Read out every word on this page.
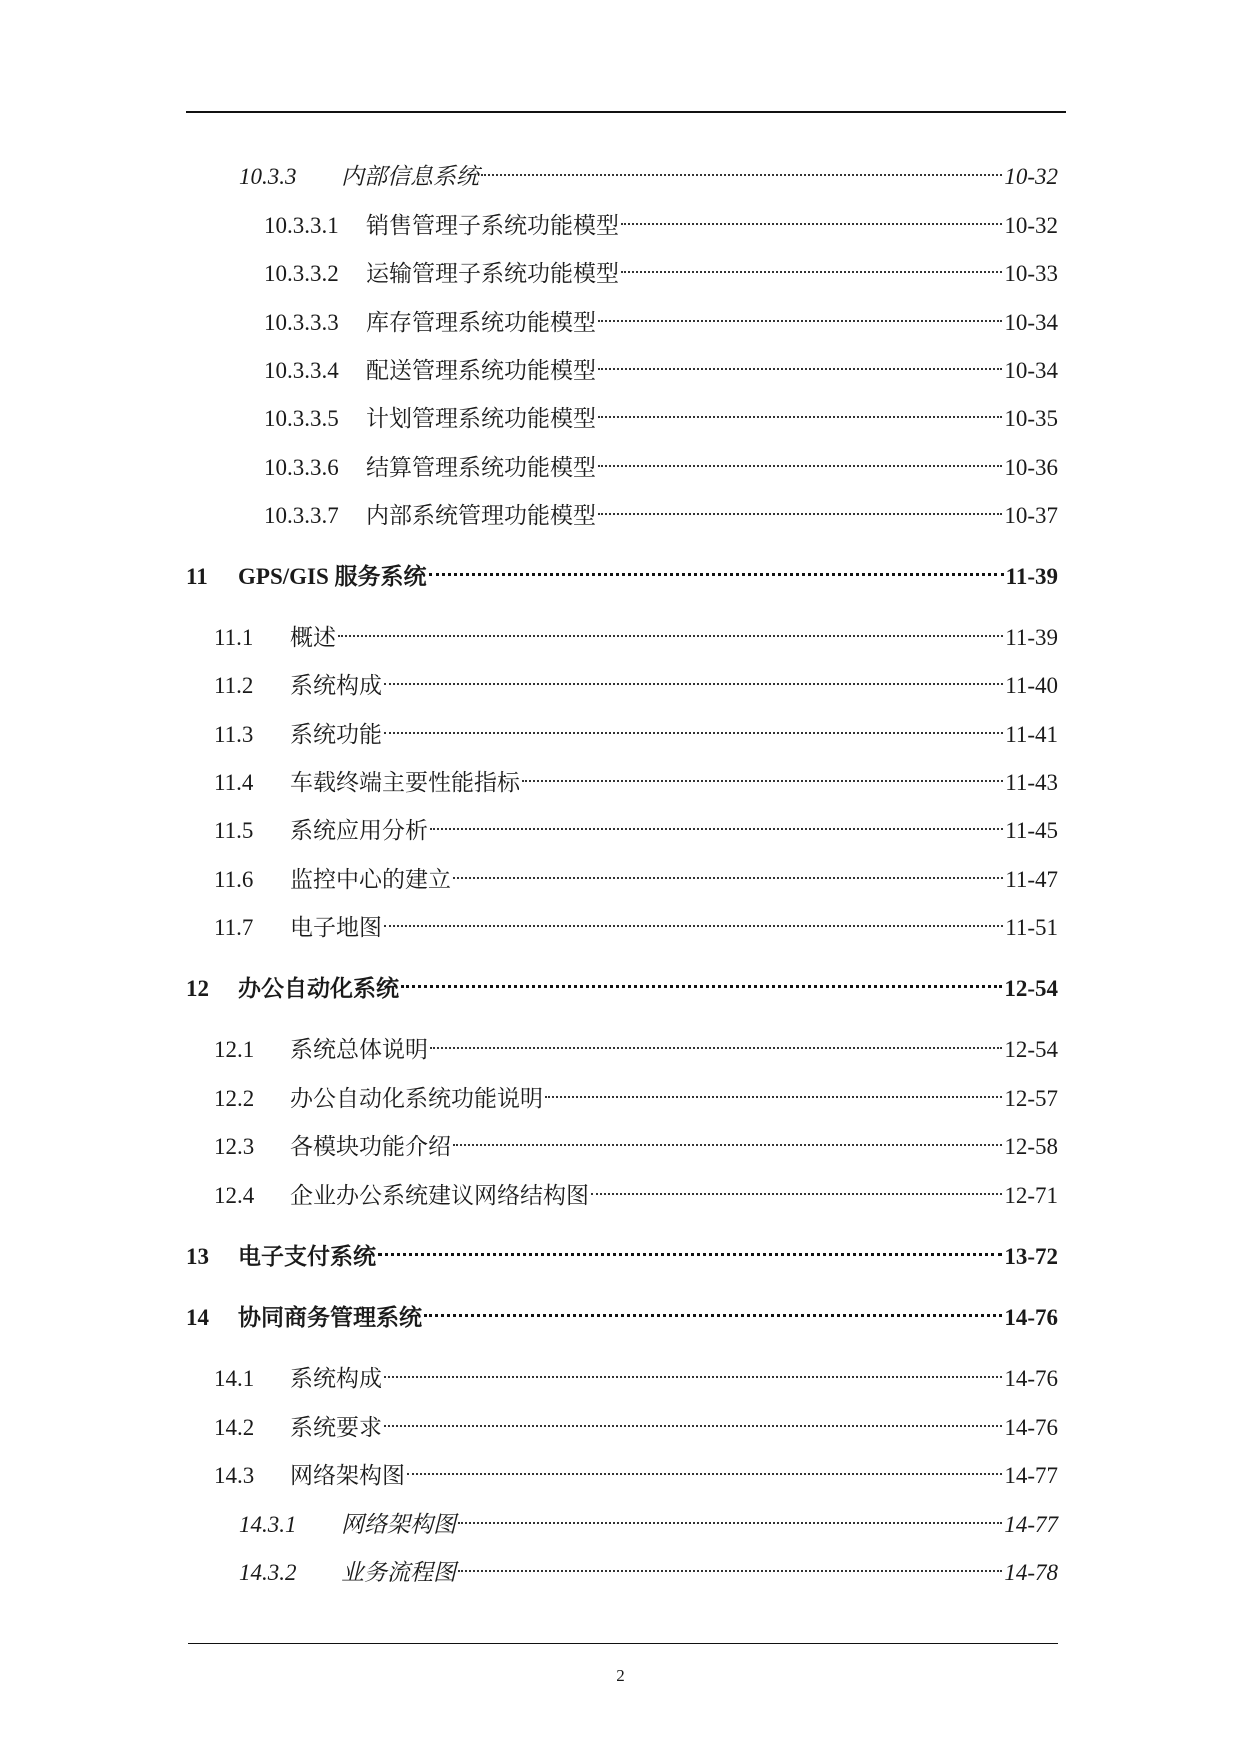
10.3.3	内部信息系统	10-32
10.3.3.1	销售管理子系统功能模型	10-32
10.3.3.2	运输管理子系统功能模型	10-33
10.3.3.3	库存管理系统功能模型	10-34
10.3.3.4	配送管理系统功能模型	10-34
10.3.3.5	计划管理系统功能模型	10-35
10.3.3.6	结算管理系统功能模型	10-36
10.3.3.7	内部系统管理功能模型	10-37
11	GPS/GIS 服务系统	11-39
11.1	概述	11-39
11.2	系统构成	11-40
11.3	系统功能	11-41
11.4	车载终端主要性能指标	11-43
11.5	系统应用分析	11-45
11.6	监控中心的建立	11-47
11.7	电子地图	11-51
12	办公自动化系统	12-54
12.1	系统总体说明	12-54
12.2	办公自动化系统功能说明	12-57
12.3	各模块功能介绍	12-58
12.4	企业办公系统建议网络结构图	12-71
13	电子支付系统	13-72
14	协同商务管理系统	14-76
14.1	系统构成	14-76
14.2	系统要求	14-76
14.3	网络架构图	14-77
14.3.1	网络架构图	14-77
14.3.2	业务流程图	14-78
2
